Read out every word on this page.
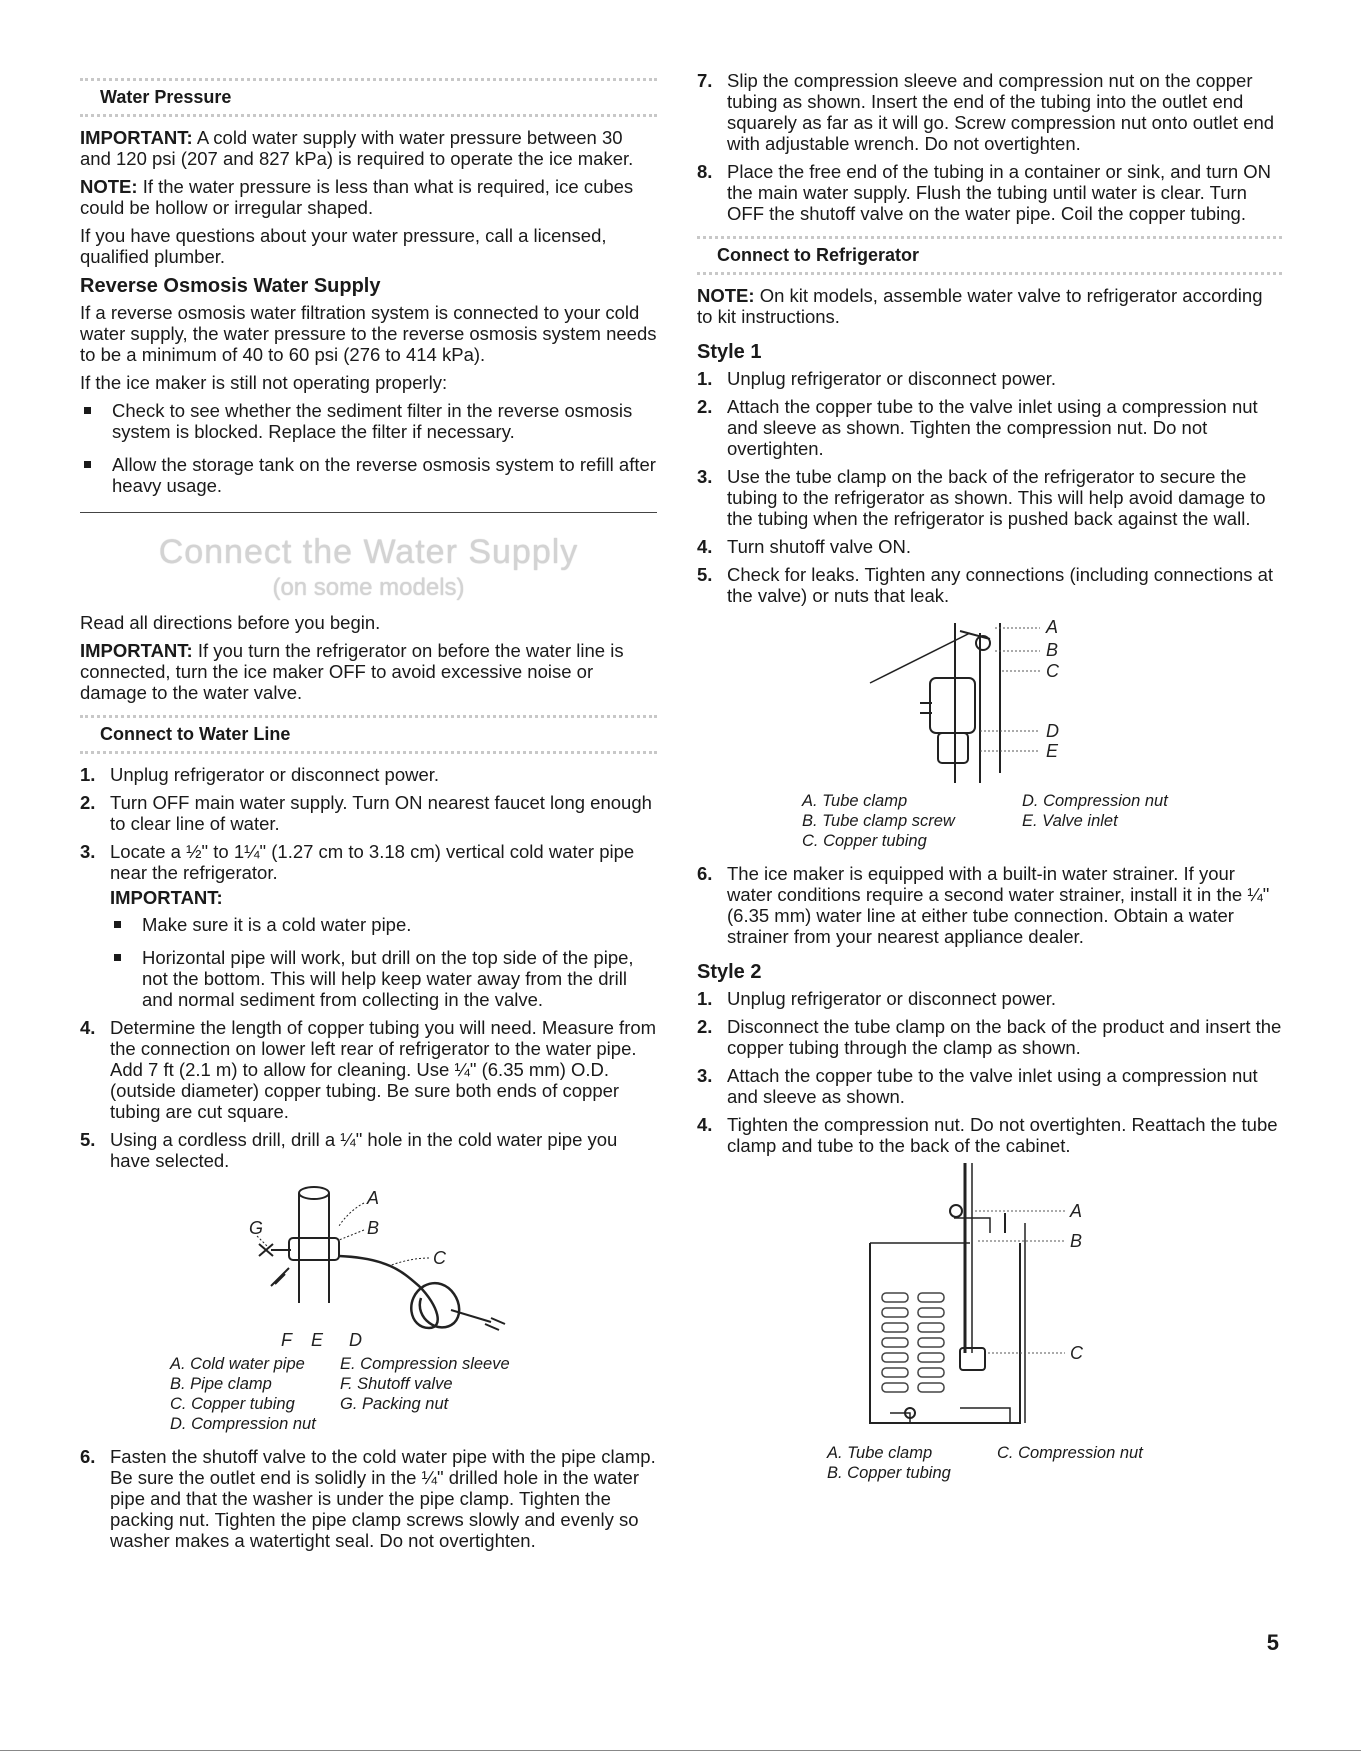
Water Pressure

IMPORTANT: A cold water supply with water pressure between 30 and 120 psi (207 and 827 kPa) is required to operate the ice maker.

NOTE: If the water pressure is less than what is required, ice cubes could be hollow or irregular shaped.

If you have questions about your water pressure, call a licensed, qualified plumber.

Reverse Osmosis Water Supply

If a reverse osmosis water filtration system is connected to your cold water supply, the water pressure to the reverse osmosis system needs to be a minimum of 40 to 60 psi (276 to 414 kPa).

If the ice maker is still not operating properly:

Check to see whether the sediment filter in the reverse osmosis system is blocked. Replace the filter if necessary.
Allow the storage tank on the reverse osmosis system to refill after heavy usage.
Connect the Water Supply
(on some models)

Read all directions before you begin.

IMPORTANT: If you turn the refrigerator on before the water line is connected, turn the ice maker OFF to avoid excessive noise or damage to the water valve.

Connect to Water Line
1. Unplug refrigerator or disconnect power.
2. Turn OFF main water supply. Turn ON nearest faucet long enough to clear line of water.
3. Locate a ½" to 1¼" (1.27 cm to 3.18 cm) vertical cold water pipe near the refrigerator.
IMPORTANT:
Make sure it is a cold water pipe.
Horizontal pipe will work, but drill on the top side of the pipe, not the bottom. This will help keep water away from the drill and normal sediment from collecting in the valve.
4. Determine the length of copper tubing you will need. Measure from the connection on lower left rear of refrigerator to the water pipe. Add 7 ft (2.1 m) to allow for cleaning. Use ¼" (6.35 mm) O.D. (outside diameter) copper tubing. Be sure both ends of copper tubing are cut square.
5. Using a cordless drill, drill a ¼" hole in the cold water pipe you have selected.
A
B
C
G
F E D
A. Cold water pipe	E. Compression sleeve
B. Pipe clamp	F. Shutoff valve
C. Copper tubing	G. Packing nut
D. Compression nut
6. Fasten the shutoff valve to the cold water pipe with the pipe clamp. Be sure the outlet end is solidly in the ¼" drilled hole in the water pipe and that the washer is under the pipe clamp. Tighten the packing nut. Tighten the pipe clamp screws slowly and evenly so washer makes a watertight seal. Do not overtighten.
7. Slip the compression sleeve and compression nut on the copper tubing as shown. Insert the end of the tubing into the outlet end squarely as far as it will go. Screw compression nut onto outlet end with adjustable wrench. Do not overtighten.
8. Place the free end of the tubing in a container or sink, and turn ON the main water supply. Flush the tubing until water is clear. Turn OFF the shutoff valve on the water pipe. Coil the copper tubing.
Connect to Refrigerator

NOTE: On kit models, assemble water valve to refrigerator according to kit instructions.

Style 1
1. Unplug refrigerator or disconnect power.
2. Attach the copper tube to the valve inlet using a compression nut and sleeve as shown. Tighten the compression nut. Do not overtighten.
3. Use the tube clamp on the back of the refrigerator to secure the tubing to the refrigerator as shown. This will help avoid damage to the tubing when the refrigerator is pushed back against the wall.
4. Turn shutoff valve ON.
5. Check for leaks. Tighten any connections (including connections at the valve) or nuts that leak.
A
B
C
D
E
A. Tube clamp	D. Compression nut
B. Tube clamp screw	E. Valve inlet
C. Copper tubing
6. The ice maker is equipped with a built-in water strainer. If your water conditions require a second water strainer, install it in the ¼" (6.35 mm) water line at either tube connection. Obtain a water strainer from your nearest appliance dealer.
Style 2
1. Unplug refrigerator or disconnect power.
2. Disconnect the tube clamp on the back of the product and insert the copper tubing through the clamp as shown.
3. Attach the copper tube to the valve inlet using a compression nut and sleeve as shown.
4. Tighten the compression nut. Do not overtighten. Reattach the tube clamp and tube to the back of the cabinet.
A
B
C
A. Tube clamp	C. Compression nut
B. Copper tubing
5
